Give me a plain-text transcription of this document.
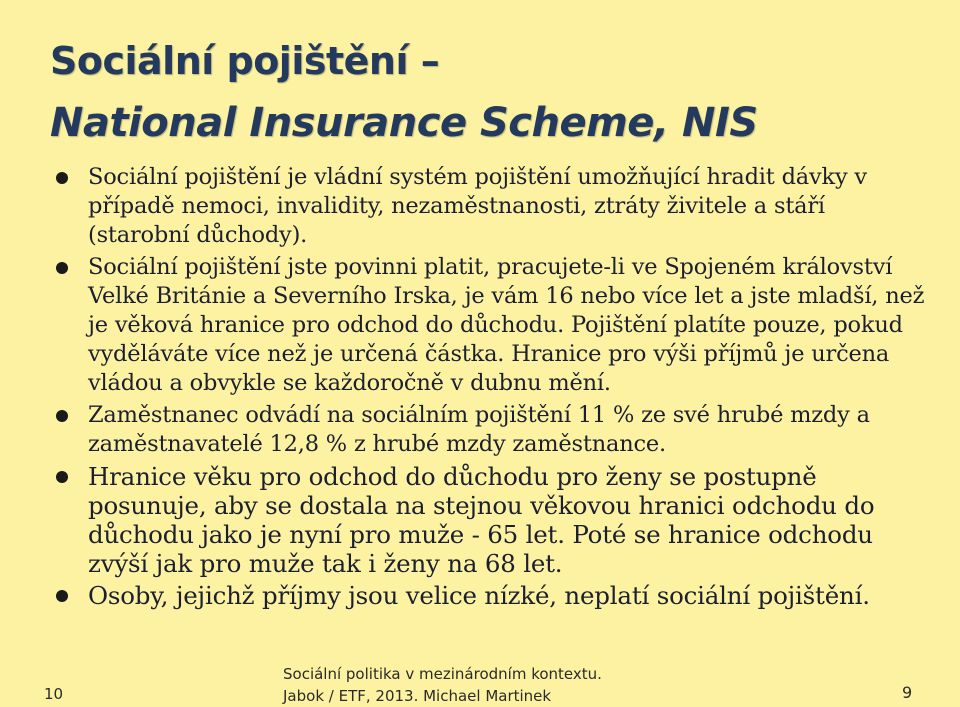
Sociální pojištění –
National Insurance Scheme, NIS
Sociální pojištění je vládní systém pojištění umožňující hradit dávky v případě nemoci, invalidity, nezaměstnanosti, ztráty živitele a stáří (starobní důchody).
Sociální pojištění jste povinni platit, pracujete-li ve Spojeném království Velké Británie a Severního Irska, je vám 16 nebo více let a jste mladší, než je věková hranice pro odchod do důchodu. Pojištění platíte pouze, pokud vyděláváte více než je určená částka. Hranice pro výši příjmů je určena vládou a obvykle se každoročně v dubnu mění.
Zaměstnanec odvádí na sociálním pojištění 11 % ze své hrubé mzdy a zaměstnavatelé 12,8 % z hrubé mzdy zaměstnance.
Hranice věku pro odchod do důchodu pro ženy se postupně posunuje, aby se dostala na stejnou věkovou hranici odchodu do důchodu jako je nyní pro muže - 65 let. Poté se hranice odchodu zvýší jak pro muže tak i ženy na 68 let.
Osoby, jejichž příjmy jsou velice nízké, neplatí sociální pojištění.
10
Sociální politika v mezinárodním kontextu.
Jabok / ETF, 2013. Michael Martinek	9
